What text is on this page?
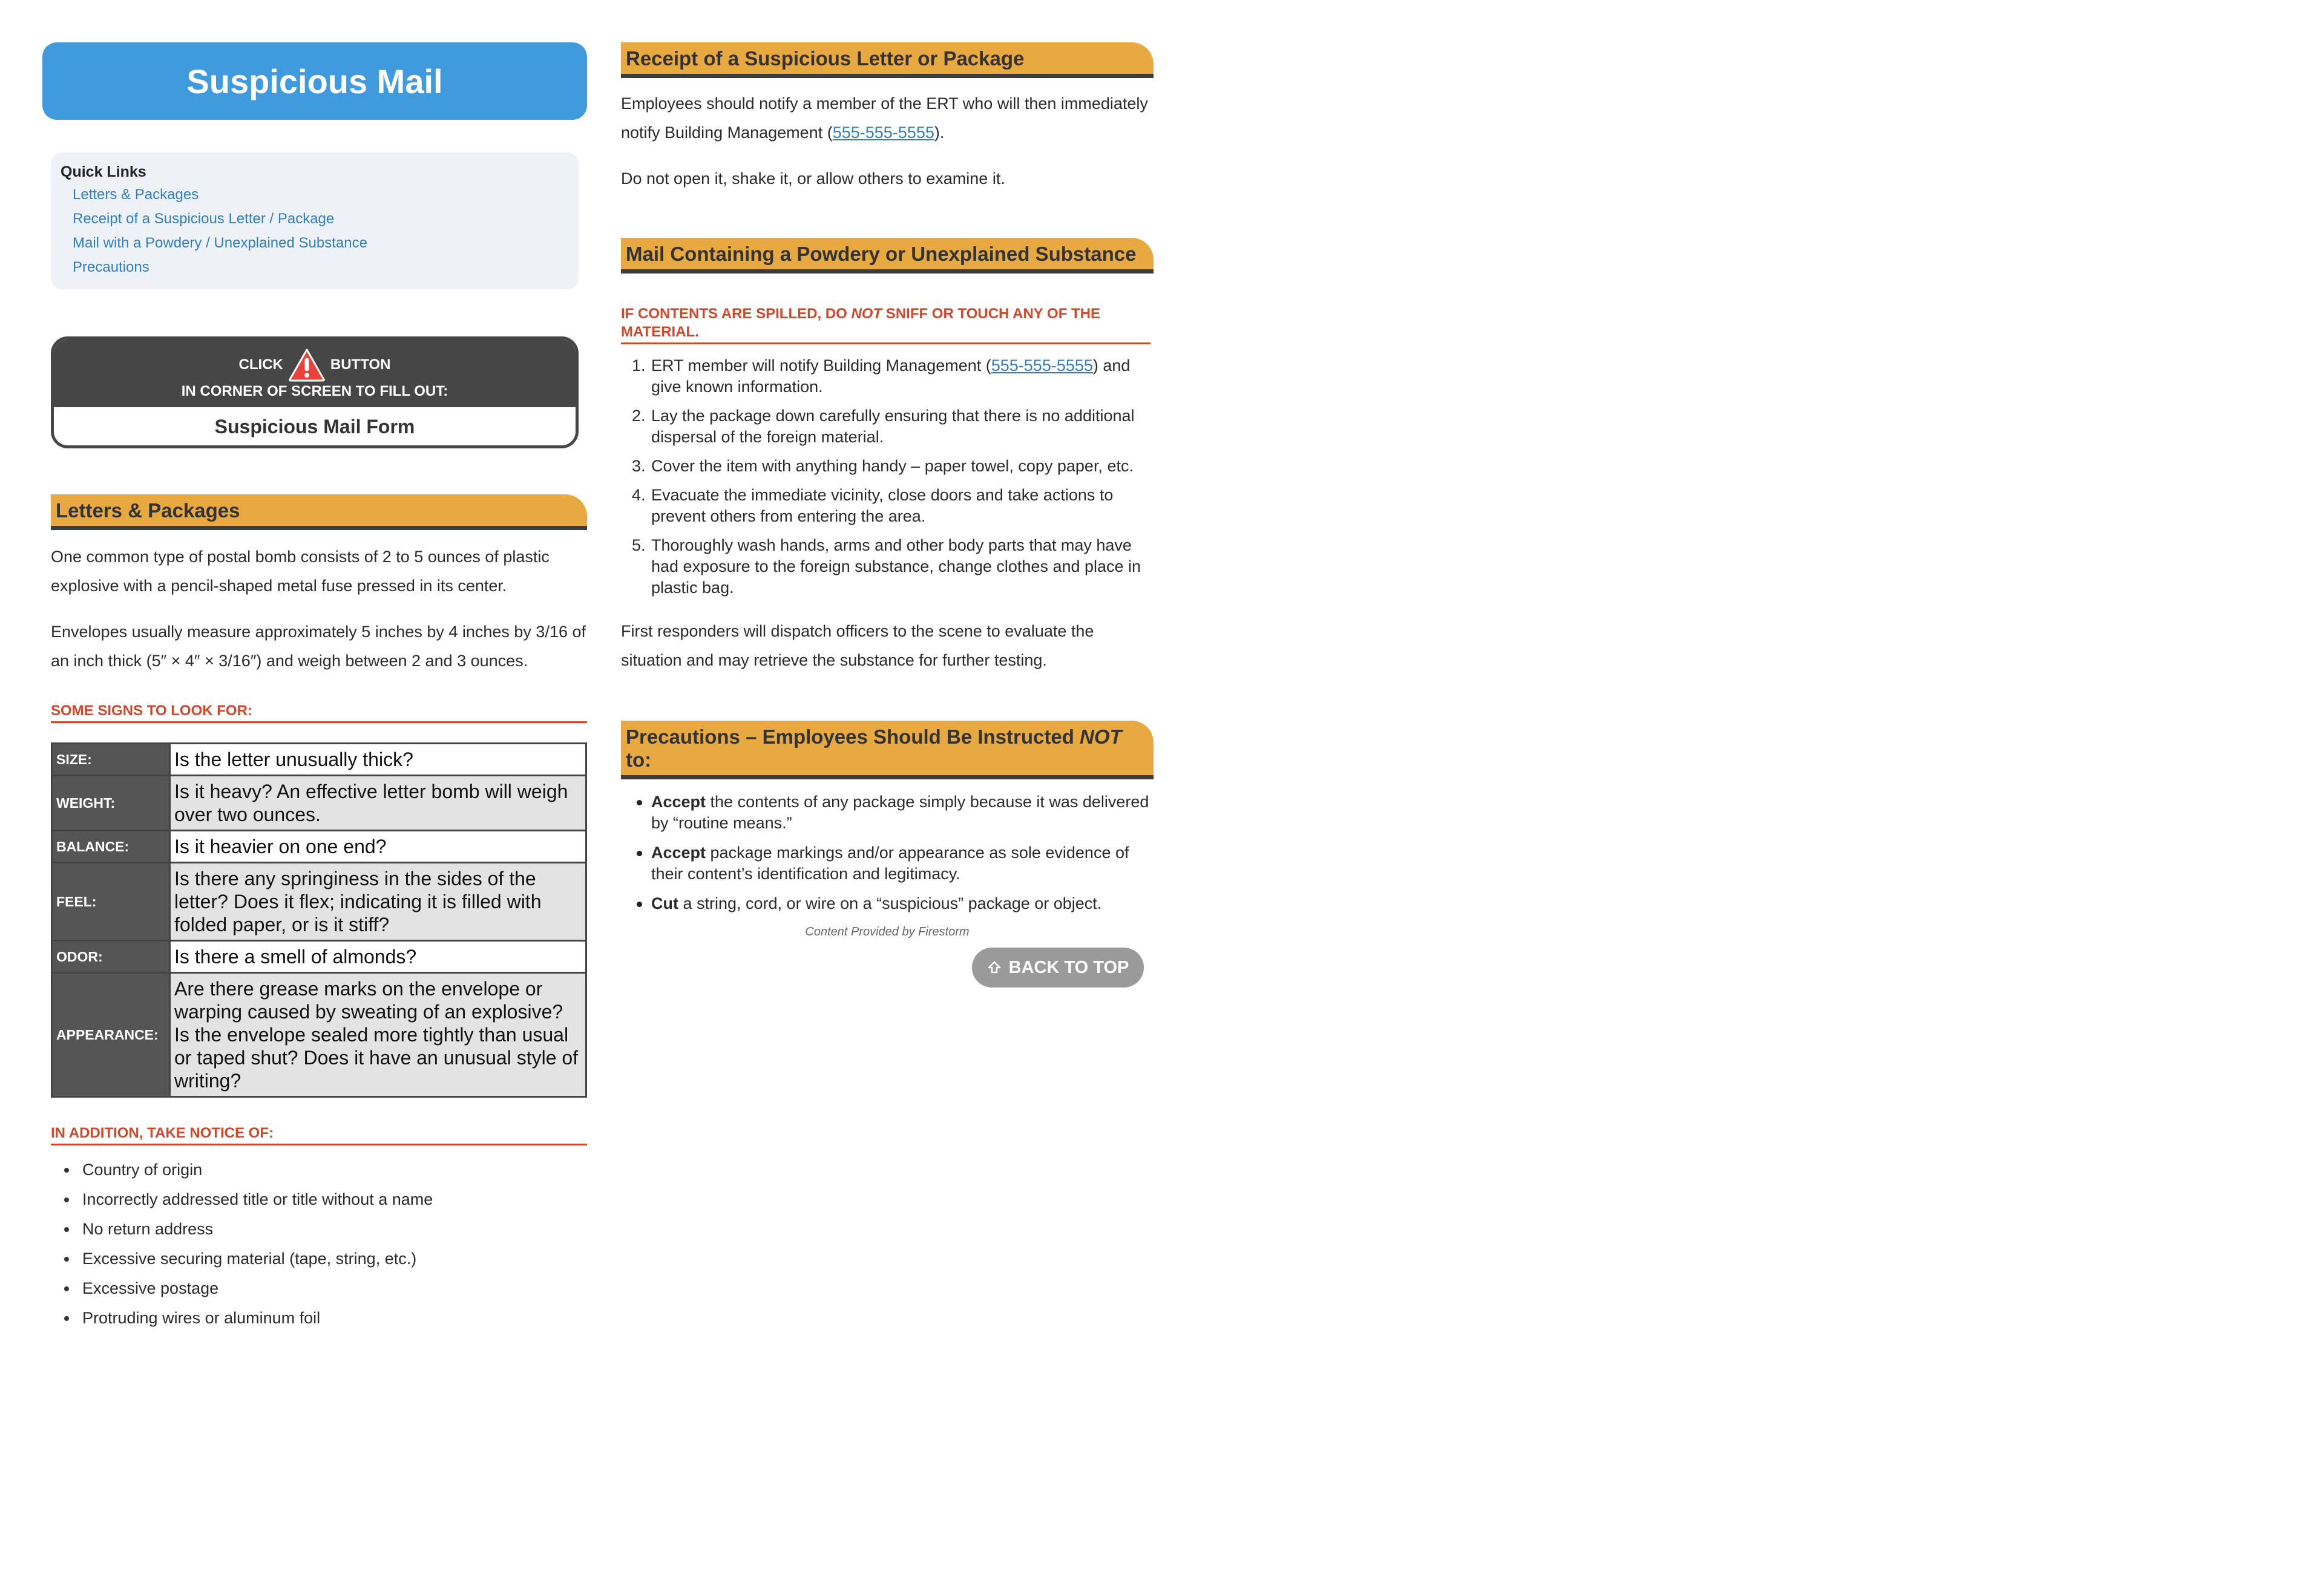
Suspicious Mail
Quick Links
Letters & Packages
Receipt of a Suspicious Letter / Package
Mail with a Powdery / Unexplained Substance
Precautions
CLICK	BUTTON
IN CORNER OF SCREEN TO FILL OUT:
Suspicious Mail Form
Letters & Packages

One common type of postal bomb consists of 2 to 5 ounces of plastic explosive with a pencil-shaped metal fuse pressed in its center.

Envelopes usually measure approximately 5 inches by 4 inches by 3/16 of an inch thick (5″ × 4″ × 3/16″) and weigh between 2 and 3 ounces.

SOME SIGNS TO LOOK FOR:
SIZE:	Is the letter unusually thick?
WEIGHT:	Is it heavy? An effective letter bomb will weigh over two ounces.
BALANCE:	Is it heavier on one end?
FEEL:	Is there any springiness in the sides of the letter? Does it flex; indicating it is filled with folded paper, or is it stiff?
ODOR:	Is there a smell of almonds?
APPEARANCE:	Are there grease marks on the envelope or warping caused by sweating of an explosive? Is the envelope sealed more tightly than usual or taped shut? Does it have an unusual style of writing?
IN ADDITION, TAKE NOTICE OF:
Country of origin
Incorrectly addressed title or title without a name
No return address
Excessive securing material (tape, string, etc.)
Excessive postage
Protruding wires or aluminum foil
Receipt of a Suspicious Letter or Package

Employees should notify a member of the ERT who will then immediately notify Building Management (555-555-5555).

Do not open it, shake it, or allow others to examine it.

Mail Containing a Powdery or Unexplained Substance
IF CONTENTS ARE SPILLED, DO NOT SNIFF OR TOUCH ANY OF THE MATERIAL.
ERT member will notify Building Management (555-555-5555) and give known information.
Lay the package down carefully ensuring that there is no additional dispersal of the foreign material.
Cover the item with anything handy – paper towel, copy paper, etc.
Evacuate the immediate vicinity, close doors and take actions to prevent others from entering the area.
Thoroughly wash hands, arms and other body parts that may have had exposure to the foreign substance, change clothes and place in plastic bag.

First responders will dispatch officers to the scene to evaluate the situation and may retrieve the substance for further testing.

Precautions – Employees Should Be Instructed NOT to:
Accept the contents of any package simply because it was delivered by “routine means.”
Accept package markings and/or appearance as sole evidence of their content’s identification and legitimacy.
Cut a string, cord, or wire on a “suspicious” package or object.
Content Provided by Firestorm
BACK TO TOP
